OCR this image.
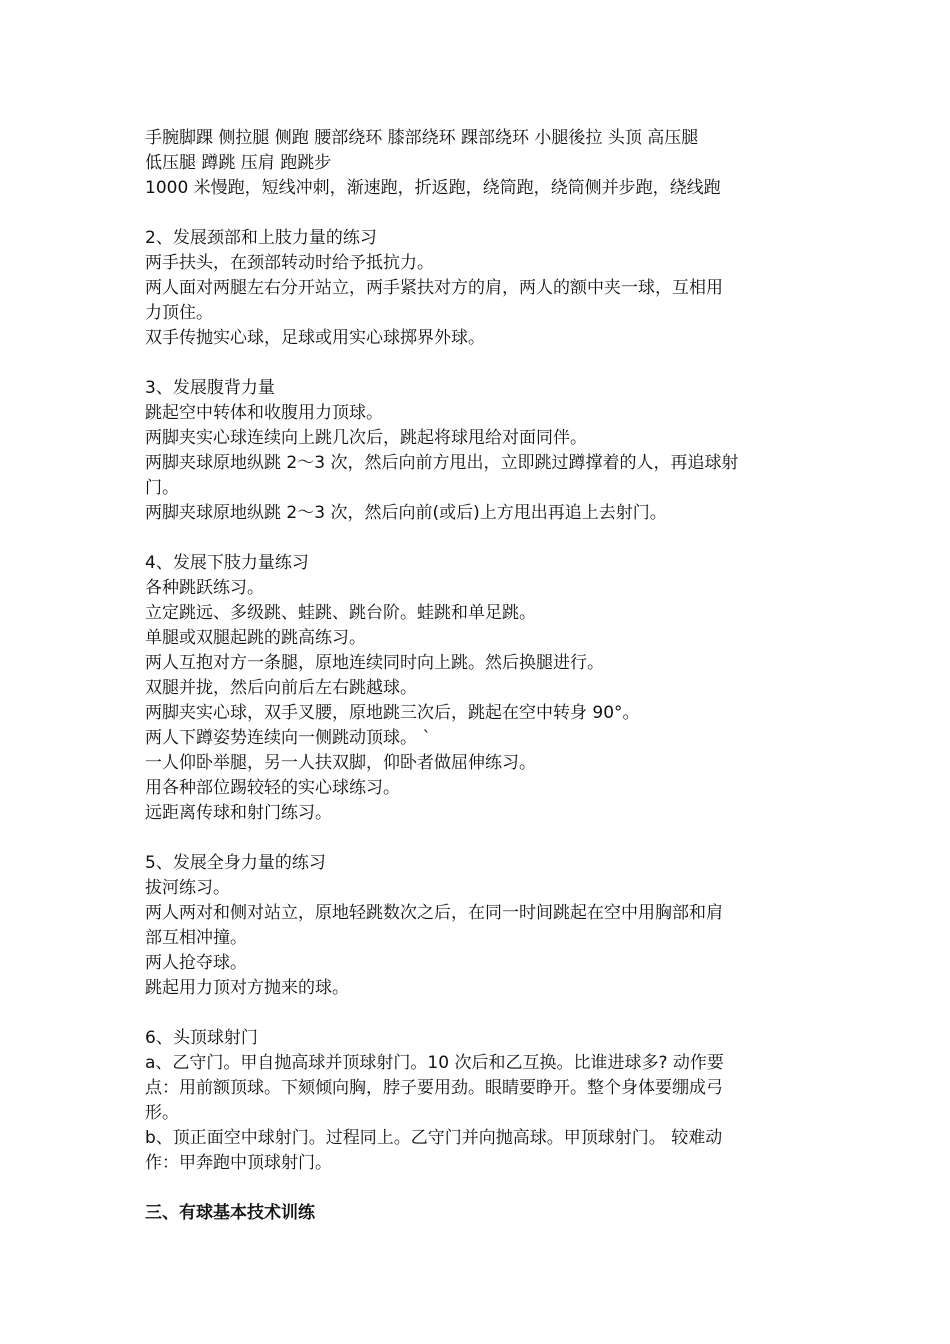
手腕脚踝 侧拉腿 侧跑 腰部绕环 膝部绕环 踝部绕环 小腿後拉 头顶 高压腿
低压腿 蹲跳 压肩 跑跳步
1000 米慢跑，短线冲刺，渐速跑，折返跑，绕筒跑，绕筒侧并步跑，绕线跑
2、发展颈部和上肢力量的练习
两手扶头，在颈部转动时给予抵抗力。
两人面对两腿左右分开站立，两手紧扶对方的肩，两人的额中夹一球，互相用
力顶住。
双手传抛实心球，足球或用实心球掷界外球。
3、发展腹背力量
跳起空中转体和收腹用力顶球。
两脚夹实心球连续向上跳几次后，跳起将球甩给对面同伴。
两脚夹球原地纵跳 2～3 次，然后向前方甩出，立即跳过蹲撑着的人，再追球射
门。
两脚夹球原地纵跳 2～3 次，然后向前(或后)上方甩出再追上去射门。
4、发展下肢力量练习
各种跳跃练习。
立定跳远、多级跳、蛙跳、跳台阶。蛙跳和单足跳。
单腿或双腿起跳的跳高练习。
两人互抱对方一条腿，原地连续同时向上跳。然后换腿进行。
双腿并拢，然后向前后左右跳越球。
两脚夹实心球，双手叉腰，原地跳三次后，跳起在空中转身 90°。
两人下蹲姿势连续向一侧跳动顶球。 ˋ
一人仰卧举腿，另一人扶双脚，仰卧者做屈伸练习。
用各种部位踢较轻的实心球练习。
远距离传球和射门练习。
5、发展全身力量的练习
拔河练习。
两人两对和侧对站立，原地轻跳数次之后，在同一时间跳起在空中用胸部和肩
部互相冲撞。
两人抢夺球。
跳起用力顶对方抛来的球。
6、头顶球射门
a、乙守门。甲自抛高球并顶球射门。10 次后和乙互换。比谁进球多? 动作要
点：用前额顶球。下颏倾向胸，脖子要用劲。眼睛要睁开。整个身体要绷成弓
形。
b、顶正面空中球射门。过程同上。乙守门并向抛高球。甲顶球射门。 较难动
作：甲奔跑中顶球射门。
三、有球基本技术训练
